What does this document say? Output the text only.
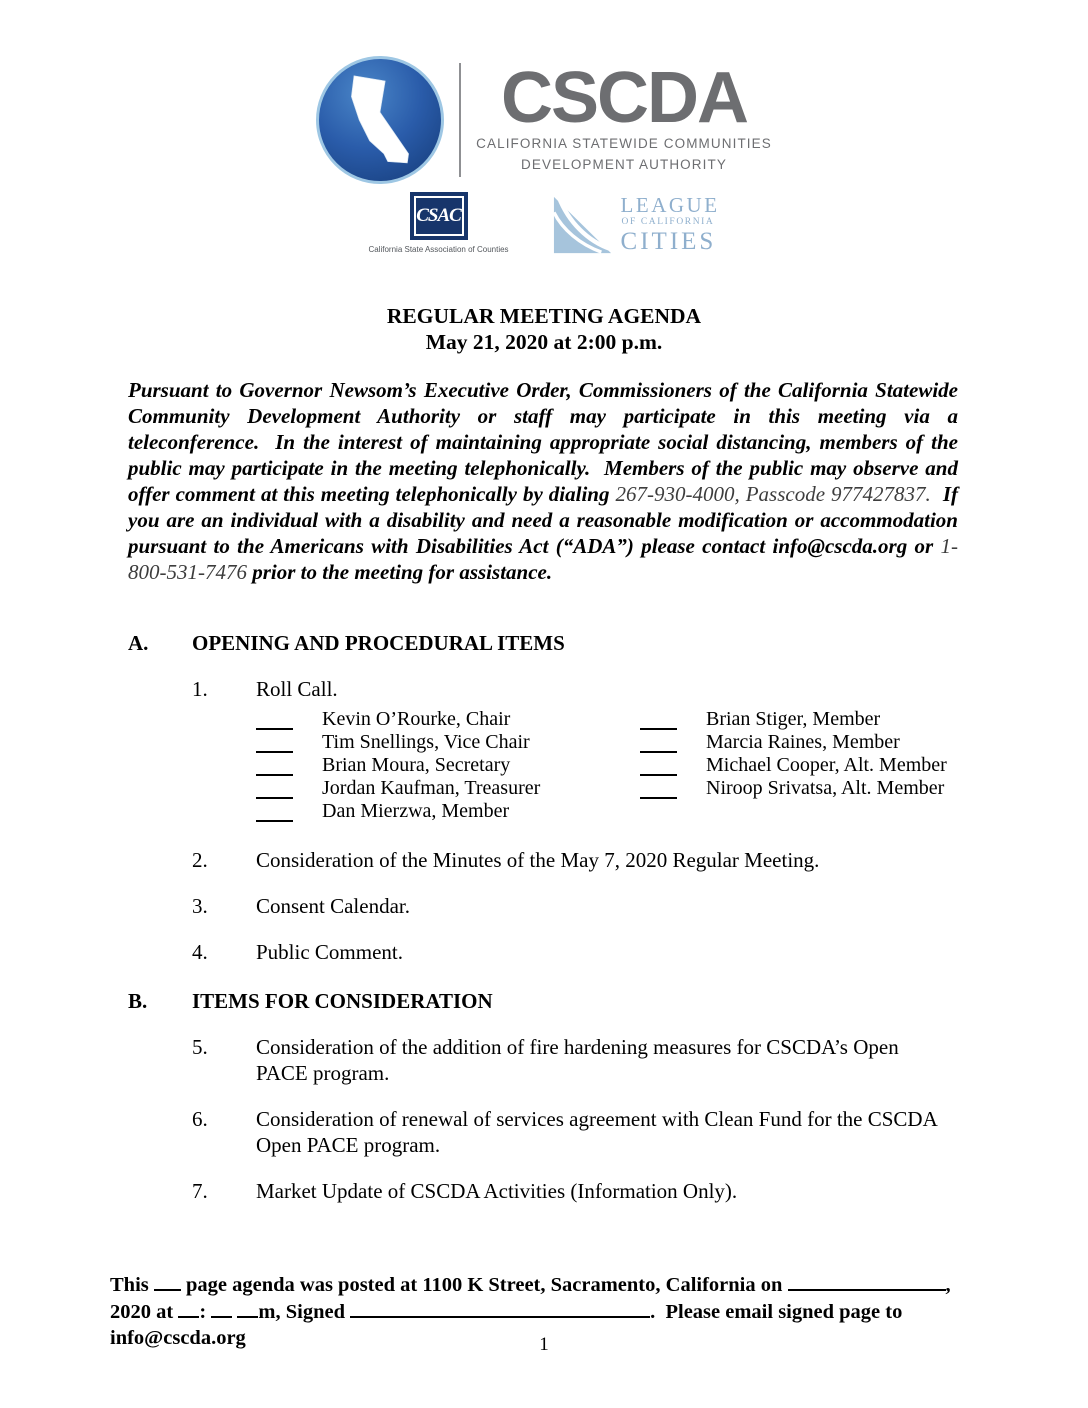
CSCDA
CALIFORNIA STATEWIDE COMMUNITIES
DEVELOPMENT AUTHORITY
CSAC
California State Association of Counties
LEAGUE
OF CALIFORNIA
CITIES
REGULAR MEETING AGENDA
May 21, 2020 at 2:00 p.m.

Pursuant to Governor Newsom’s Executive Order, Commissioners of the California Statewide Community Development Authority or staff may participate in this meeting via a teleconference.  In the interest of maintaining appropriate social distancing, members of the public may participate in the meeting telephonically.  Members of the public may observe and offer comment at this meeting telephonically by dialing 267-930-4000, Passcode 977427837.  If you are an individual with a disability and need a reasonable modification or accommodation pursuant to the Americans with Disabilities Act (“ADA”) please contact info@cscda.org or 1-800-531-7476 prior to the meeting for assistance.

A.	OPENING AND PROCEDURAL ITEMS
1.	Roll Call.
Kevin O’Rourke, Chair
Tim Snellings, Vice Chair
Brian Moura, Secretary
Jordan Kaufman, Treasurer
Dan Mierzwa, Member
Brian Stiger, Member
Marcia Raines, Member
Michael Cooper, Alt. Member
Niroop Srivatsa, Alt. Member
2.	Consideration of the Minutes of the May 7, 2020 Regular Meeting.
3.	Consent Calendar.
4.	Public Comment.
B.	ITEMS FOR CONSIDERATION
5.	Consideration of the addition of fire hardening measures for CSCDA’s Open PACE program.
6.	Consideration of renewal of services agreement with Clean Fund for the CSCDA Open PACE program.
7.	Market Update of CSCDA Activities (Information Only).
This page agenda was posted at 1100 K Street, Sacramento, California on	, 2020 at :	m, Signed	.  Please email signed page to info@cscda.org	1
